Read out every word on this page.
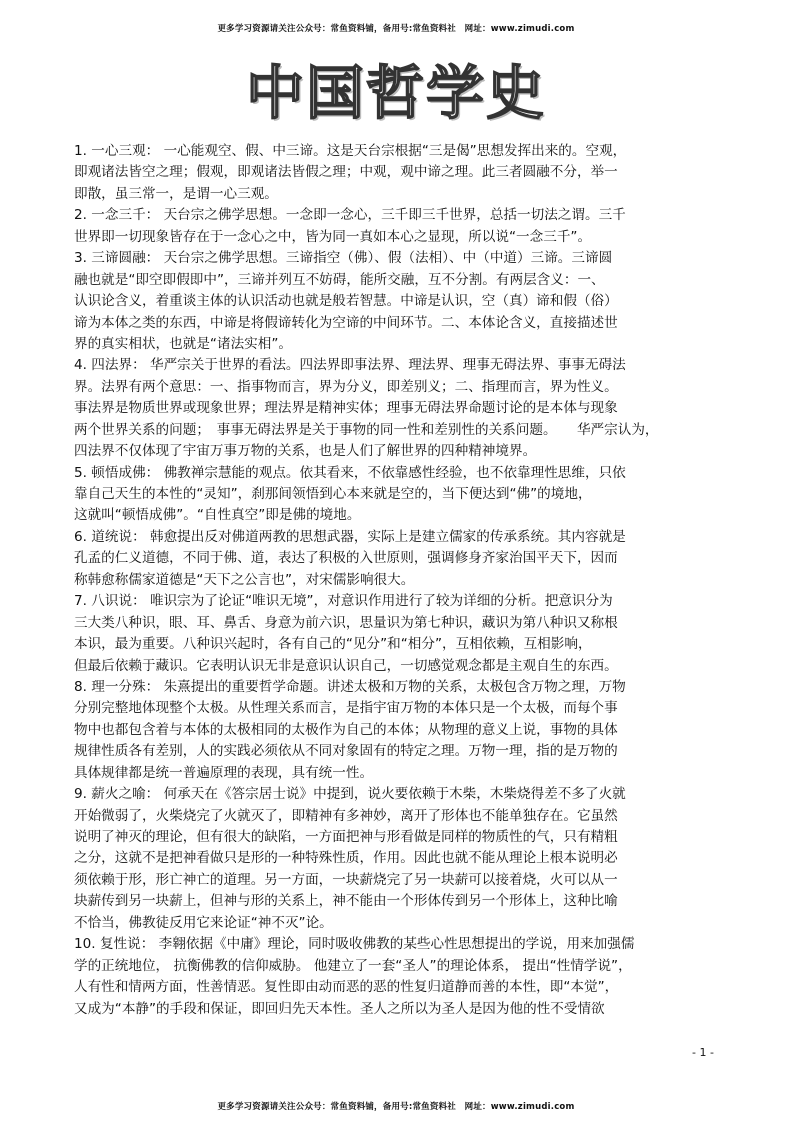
更多学习资源请关注公众号：常鱼资料铺，备用号:常鱼资料社　网址：www.zimudi.com
中国哲学史
1. 一心三观： 一心能观空、假、中三谛。这是天台宗根据“三是偈”思想发挥出来的。空观，
即观诸法皆空之理；假观，即观诸法皆假之理；中观，观中谛之理。此三者圆融不分，举一
即散，虽三常一，是谓一心三观。
2. 一念三千： 天台宗之佛学思想。一念即一念心，三千即三千世界，总括一切法之谓。三千
世界即一切现象皆存在于一念心之中，皆为同一真如本心之显现，所以说“一念三千”。
3. 三谛圆融： 天台宗之佛学思想。三谛指空（佛）、假（法相）、中（中道）三谛。三谛圆
融也就是“即空即假即中”，三谛并列互不妨碍，能所交融，互不分割。有两层含义：一、
认识论含义，着重谈主体的认识活动也就是般若智慧。中谛是认识，空（真）谛和假（俗）
谛为本体之类的东西，中谛是将假谛转化为空谛的中间环节。二、本体论含义，直接描述世
界的真实相状，也就是“诸法实相”。
4. 四法界： 华严宗关于世界的看法。四法界即事法界、理法界、理事无碍法界、事事无碍法
界。法界有两个意思：一、指事物而言，界为分义，即差别义；二、指理而言，界为性义。
事法界是物质世界或现象世界；理法界是精神实体；理事无碍法界命题讨论的是本体与现象
两个世界关系的问题；　事事无碍法界是关于事物的同一性和差别性的关系问题。　　华严宗认为，
四法界不仅体现了宇宙万事万物的关系，也是人们了解世界的四种精神境界。
5. 顿悟成佛： 佛教禅宗慧能的观点。依其看来，不依靠感性经验，也不依靠理性思维，只依
靠自己天生的本性的“灵知”，刹那间领悟到心本来就是空的，当下便达到“佛”的境地，
这就叫“顿悟成佛”。“自性真空”即是佛的境地。
6. 道统说： 韩愈提出反对佛道两教的思想武器，实际上是建立儒家的传承系统。其内容就是
孔孟的仁义道德，不同于佛、道，表达了积极的入世原则，强调修身齐家治国平天下，因而
称韩愈称儒家道德是“天下之公言也”，对宋儒影响很大。
7. 八识说： 唯识宗为了论证“唯识无境”，对意识作用进行了较为详细的分析。把意识分为
三大类八种识，眼、耳、鼻舌、身意为前六识，思量识为第七种识，藏识为第八种识又称根
本识，最为重要。八种识兴起时，各有自己的“见分”和“相分”，互相依赖，互相影响，
但最后依赖于藏识。它表明认识无非是意识认识自己，一切感觉观念都是主观自生的东西。
8. 理一分殊： 朱熹提出的重要哲学命题。讲述太极和万物的关系，太极包含万物之理，万物
分别完整地体现整个太极。从性理关系而言，是指宇宙万物的本体只是一个太极，而每个事
物中也都包含着与本体的太极相同的太极作为自己的本体；从物理的意义上说，事物的具体
规律性质各有差别，人的实践必须依从不同对象固有的特定之理。万物一理，指的是万物的
具体规律都是统一普遍原理的表现，具有统一性。
9. 薪火之喻： 何承天在《答宗居士说》中提到，说火要依赖于木柴，木柴烧得差不多了火就
开始微弱了，火柴烧完了火就灭了，即精神有多神妙，离开了形体也不能单独存在。它虽然
说明了神灭的理论，但有很大的缺陷，一方面把神与形看做是同样的物质性的气，只有精粗
之分，这就不是把神看做只是形的一种特殊性质，作用。因此也就不能从理论上根本说明必
须依赖于形，形亡神亡的道理。另一方面，一块薪烧完了另一块薪可以接着烧，火可以从一
块薪传到另一块薪上，但神与形的关系上，神不能由一个形体传到另一个形体上，这种比喻
不恰当，佛教徒反用它来论证“神不灭”论。
10. 复性说： 李翱依据《中庸》理论，同时吸收佛教的某些心性思想提出的学说，用来加强儒
学的正统地位， 抗衡佛教的信仰威胁。 他建立了一套“圣人”的理论体系， 提出“性情学说”，
人有性和情两方面，性善情恶。复性即由动而恶的恶的性复归道静而善的本性，即“本觉”，
又成为“本静”的手段和保证，即回归先天本性。圣人之所以为圣人是因为他的性不受情欲
- 1 -
更多学习资源请关注公众号：常鱼资料铺，备用号:常鱼资料社　网址：www.zimudi.com
